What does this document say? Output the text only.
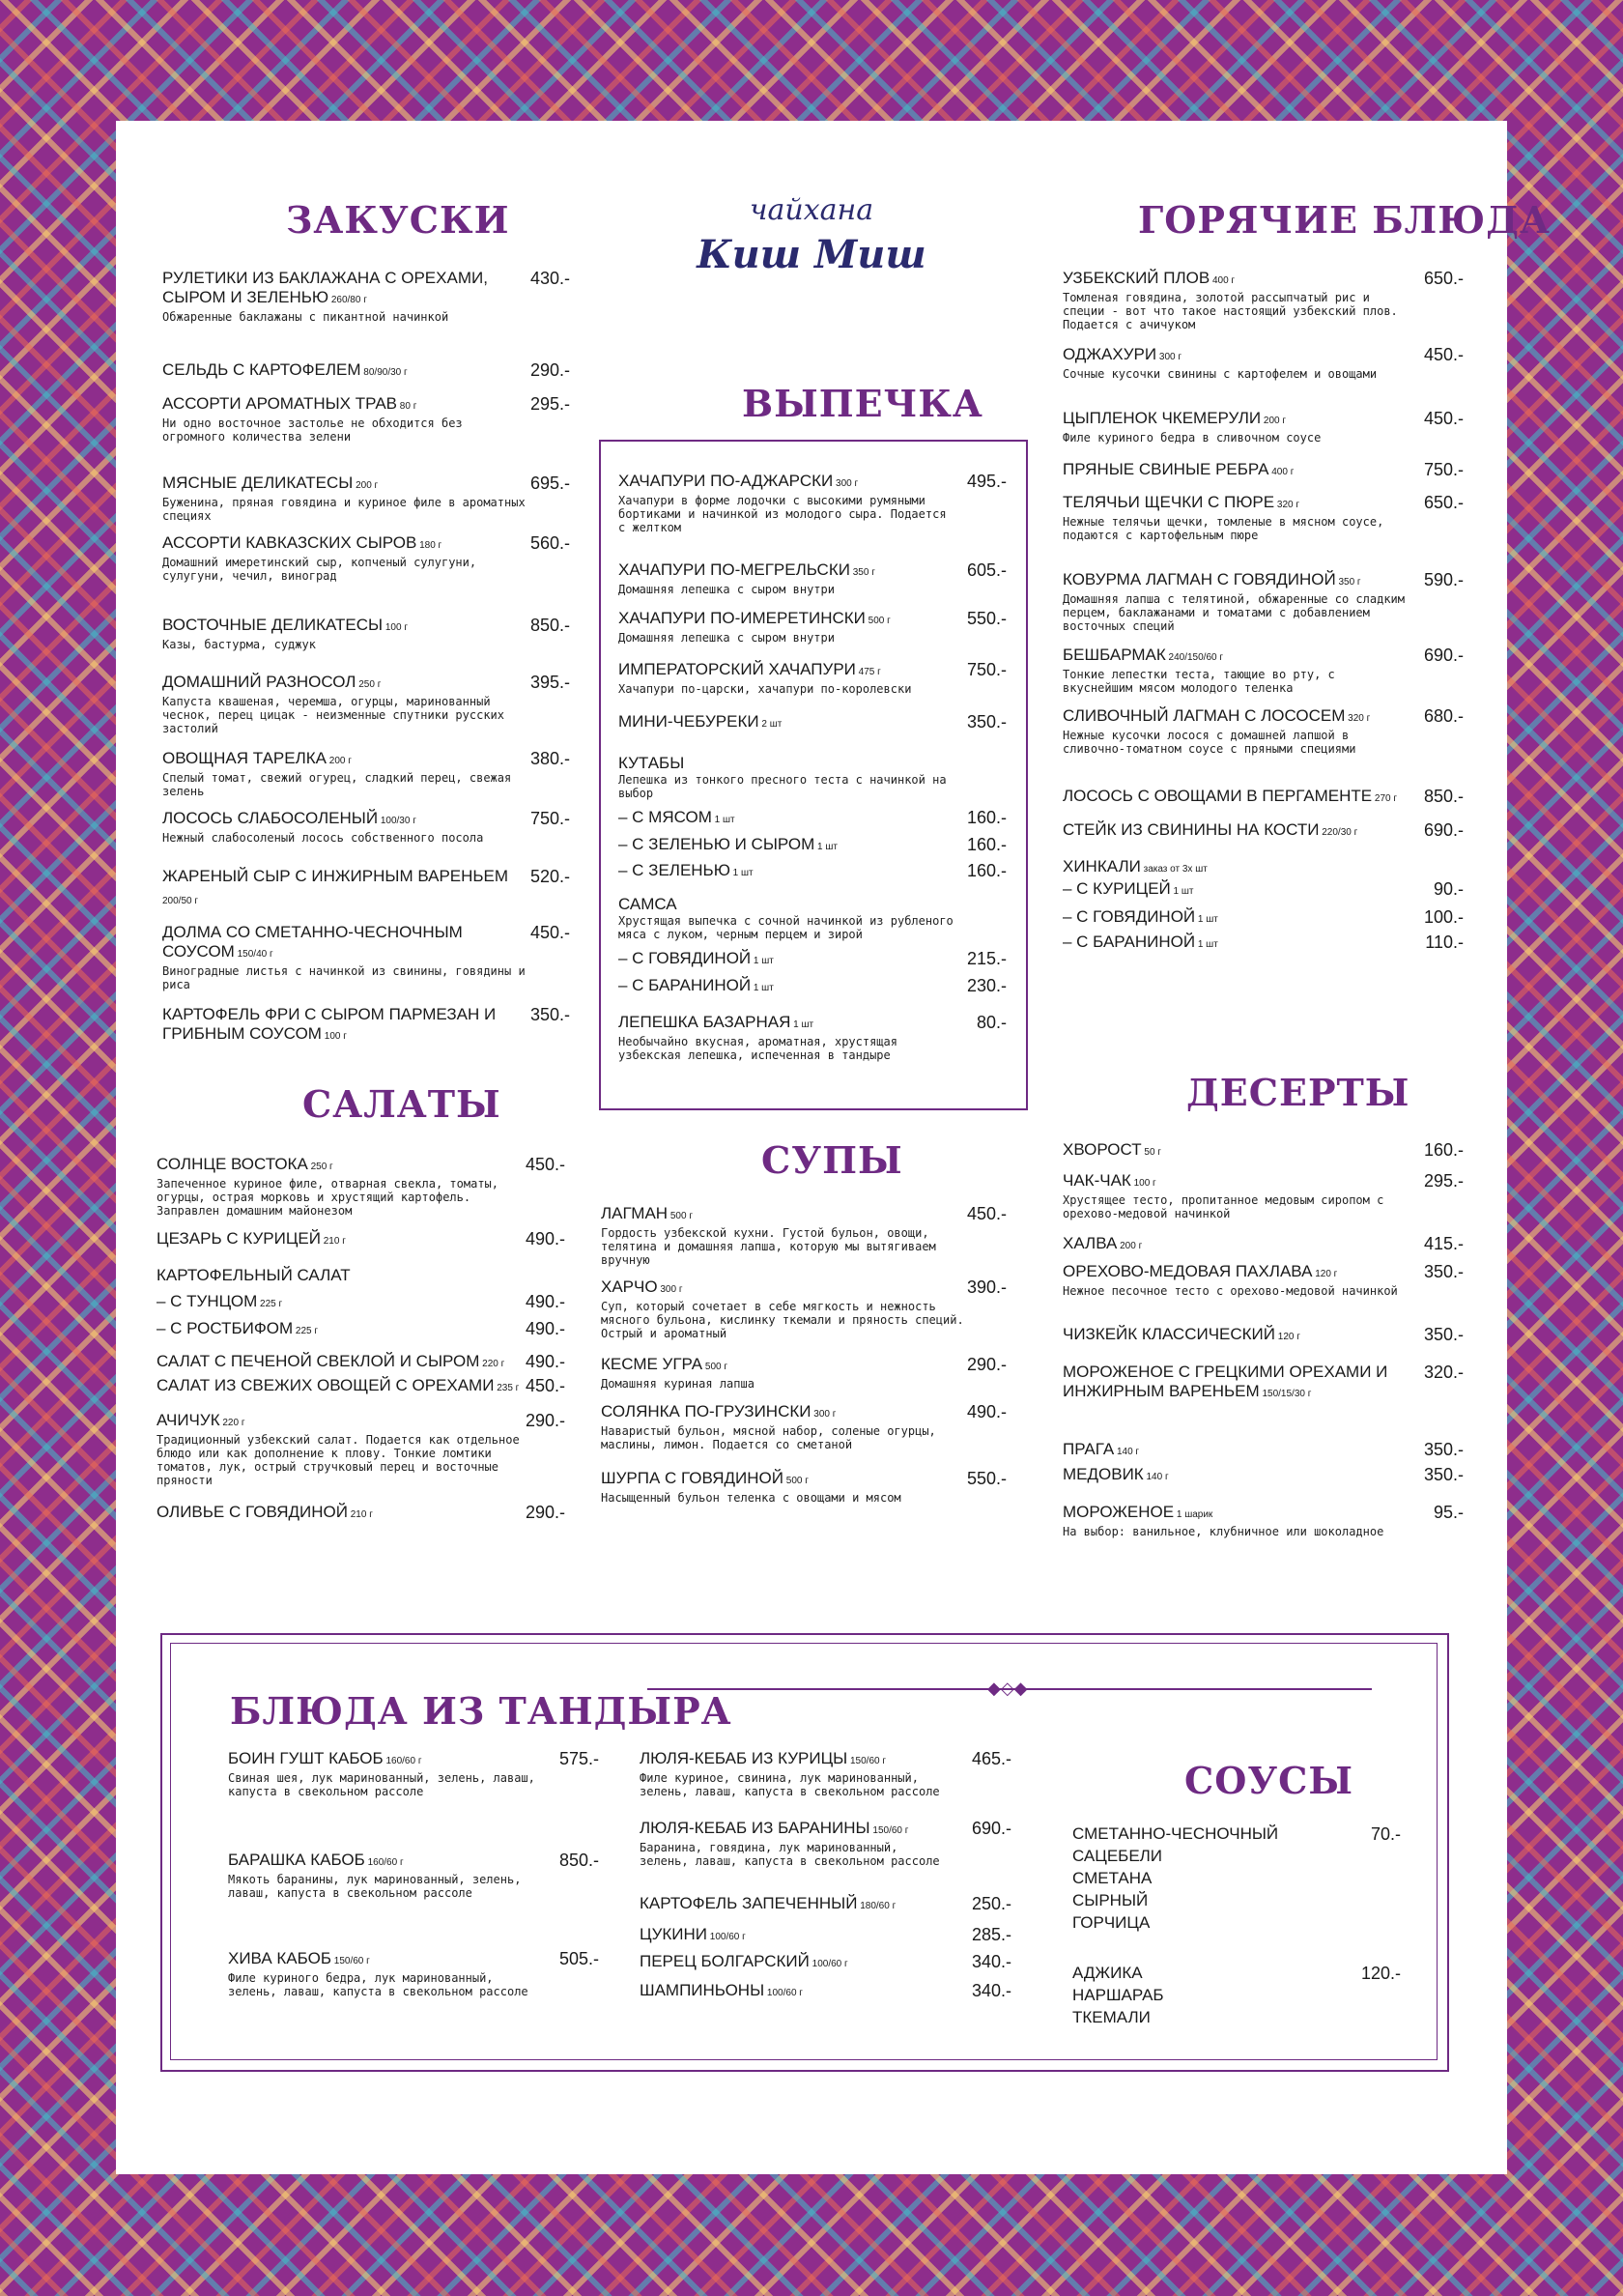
чайхана
Киш Миш
◆◇◆
ЗАКУСКИ	ГОРЯЧИЕ БЛЮДА
ВЫПЕЧКА
САЛАТЫ
СУПЫ
ДЕСЕРТЫ
БЛЮДА ИЗ ТАНДЫРА
СОУСЫ
РУЛЕТИКИ ИЗ БАКЛАЖАНА С ОРЕХАМИ, СЫРОМ И ЗЕЛЕНЬЮ 260/80 г
Обжаренные баклажаны с пикантной начинкой
430.-
СЕЛЬДЬ С КАРТОФЕЛЕМ 80/90/30 г	290.-
АССОРТИ АРОМАТНЫХ ТРАВ 80 г
Ни одно восточное застолье не обходится без огромного количества зелени
295.-
МЯСНЫЕ ДЕЛИКАТЕСЫ 200 г
Буженина, пряная говядина и куриное филе в ароматных специях
695.-
АССОРТИ КАВКАЗСКИХ СЫРОВ 180 г
Домашний имеретинский сыр, копченый сулугуни, сулугуни, чечил, виноград
560.-
ВОСТОЧНЫЕ ДЕЛИКАТЕСЫ 100 г
Казы, бастурма, суджук
850.-
ДОМАШНИЙ РАЗНОСОЛ 250 г
Капуста квашеная, черемша, огурцы, маринованный чеснок, перец цицак - неизменные спутники русских застолий
395.-
ОВОЩНАЯ ТАРЕЛКА 200 г
Спелый томат, свежий огурец, сладкий перец, свежая зелень
380.-
ЛОСОСЬ СЛАБОСОЛЕНЫЙ 100/30 г
Нежный слабосоленый лосось собственного посола
750.-
ЖАРЕНЫЙ СЫР С ИНЖИРНЫМ ВАРЕНЬЕМ 200/50 г
520.-
ДОЛМА СО СМЕТАННО-ЧЕСНОЧНЫМ СОУСОМ 150/40 г
Виноградные листья с начинкой из свинины, говядины и риса
450.-
КАРТОФЕЛЬ ФРИ С СЫРОМ ПАРМЕЗАН И ГРИБНЫМ СОУСОМ 100 г
350.-
СОЛНЦЕ ВОСТОКА 250 г
Запеченное куриное филе, отварная свекла, томаты, огурцы, острая морковь и хрустящий картофель. Заправлен домашним майонезом
450.-
ЦЕЗАРЬ С КУРИЦЕЙ 210 г	490.-
КАРТОФЕЛЬНЫЙ САЛАТ
– С ТУНЦОМ 225 г	490.-
– С РОСТБИФОМ 225 г	490.-
САЛАТ С ПЕЧЕНОЙ СВЕКЛОЙ И СЫРОМ 220 г	490.-
САЛАТ ИЗ СВЕЖИХ ОВОЩЕЙ С ОРЕХАМИ 235 г 450.-
АЧИЧУК 220 г
Традиционный узбекский салат. Подается как отдельное блюдо или как дополнение к плову. Тонкие ломтики томатов, лук, острый стручковый перец и восточные пряности
290.-
ОЛИВЬЕ С ГОВЯДИНОЙ 210 г	290.-
ХАЧАПУРИ ПО-АДЖАРСКИ 300 г
Хачапури в форме лодочки с высокими румяными бортиками и начинкой из молодого сыра. Подается с желтком
495.-
ХАЧАПУРИ ПО-МЕГРЕЛЬСКИ 350 г
Домашняя лепешка с сыром внутри
605.-
ХАЧАПУРИ ПО-ИМЕРЕТИНСКИ 500 г
Домашняя лепешка с сыром внутри
550.-
ИМПЕРАТОРСКИЙ ХАЧАПУРИ 475 г
Хачапури по-царски, хачапури по-королевски
750.-
МИНИ-ЧЕБУРЕКИ 2 шт	350.-
КУТАБЫ
Лепешка из тонкого пресного теста с начинкой на выбор
– С МЯСОМ 1 шт	160.-
– С ЗЕЛЕНЬЮ И СЫРОМ 1 шт	160.-
– С ЗЕЛЕНЬЮ 1 шт	160.-
САМСА
Хрустящая выпечка с сочной начинкой из рубленого мяса с луком, черным перцем и зирой
– С ГОВЯДИНОЙ 1 шт	215.-
– С БАРАНИНОЙ 1 шт	230.-
ЛЕПЕШКА БАЗАРНАЯ 1 шт
Необычайно вкусная, ароматная, хрустящая узбекская лепешка, испеченная в тандыре
80.-
ЛАГМАН 500 г
Гордость узбекской кухни. Густой бульон, овощи, телятина и домашняя лапша, которую мы вытягиваем вручную
450.-
ХАРЧО 300 г
Суп, который сочетает в себе мягкость и нежность мясного бульона, кислинку ткемали и пряность специй. Острый и ароматный
390.-
КЕСМЕ УГРА 500 г
Домашняя куриная лапша
290.-
СОЛЯНКА ПО-ГРУЗИНСКИ 300 г
Наваристый бульон, мясной набор, соленые огурцы, маслины, лимон. Подается со сметаной
490.-
ШУРПА С ГОВЯДИНОЙ 500 г
Насыщенный бульон теленка с овощами и мясом
550.-
УЗБЕКСКИЙ ПЛОВ 400 г
Томленая говядина, золотой рассыпчатый рис и специи - вот что такое настоящий узбекский плов. Подается с ачичуком
650.-
ОДЖАХУРИ 300 г
Сочные кусочки свинины с картофелем и овощами
450.-
ЦЫПЛЕНОК ЧКЕМЕРУЛИ 200 г
Филе куриного бедра в сливочном соусе
450.-
ПРЯНЫЕ СВИНЫЕ РЕБРА 400 г	750.-
ТЕЛЯЧЬИ ЩЕЧКИ С ПЮРЕ 320 г
Нежные телячьи щечки, томленые в мясном соусе, подаются с картофельным пюре
650.-
КОВУРМА ЛАГМАН С ГОВЯДИНОЙ 350 г
Домашняя лапша с телятиной, обжаренные со сладким перцем, баклажанами и томатами с добавлением восточных специй
590.-
БЕШБАРМАК 240/150/60 г
Тонкие лепестки теста, тающие во рту, с вкуснейшим мясом молодого теленка
690.-
СЛИВОЧНЫЙ ЛАГМАН С ЛОСОСЕМ 320 г
Нежные кусочки лосося с домашней лапшой в сливочно-томатном соусе с пряными специями
680.-
ЛОСОСЬ С ОВОЩАМИ В ПЕРГАМЕНТЕ 270 г	850.-
СТЕЙК ИЗ СВИНИНЫ НА КОСТИ 220/30 г	690.-
ХИНКАЛИ заказ от 3х шт
– С КУРИЦЕЙ 1 шт	90.-
– С ГОВЯДИНОЙ 1 шт	100.-
– С БАРАНИНОЙ 1 шт	110.-
ХВОРОСТ 50 г	160.-
ЧАК-ЧАК 100 г
Хрустящее тесто, пропитанное медовым сиропом с орехово-медовой начинкой
295.-
ХАЛВА 200 г	415.-
ОРЕХОВО-МЕДОВАЯ ПАХЛАВА 120 г
Нежное песочное тесто с орехово-медовой начинкой
350.-
ЧИЗКЕЙК КЛАССИЧЕСКИЙ 120 г	350.-
МОРОЖЕНОЕ С ГРЕЦКИМИ ОРЕХАМИ И ИНЖИРНЫМ ВАРЕНЬЕМ 150/15/30 г
320.-
ПРАГА 140 г	350.-
МЕДОВИК 140 г	350.-
МОРОЖЕНОЕ 1 шарик
На выбор: ванильное, клубничное или шоколадное
95.-
БОИН ГУШТ КАБОБ 160/60 г
Свиная шея, лук маринованный, зелень, лаваш, капуста в свекольном рассоле
575.-
БАРАШКА КАБОБ 160/60 г
Мякоть баранины, лук маринованный, зелень, лаваш, капуста в свекольном рассоле
850.-
ХИВА КАБОБ 150/60 г
Филе куриного бедра, лук маринованный, зелень, лаваш, капуста в свекольном рассоле
505.-
ЛЮЛЯ-КЕБАБ ИЗ КУРИЦЫ 150/60 г
Филе куриное, свинина, лук маринованный, зелень, лаваш, капуста в свекольном рассоле
465.-
ЛЮЛЯ-КЕБАБ ИЗ БАРАНИНЫ 150/60 г
Баранина, говядина, лук маринованный, зелень, лаваш, капуста в свекольном рассоле
690.-
КАРТОФЕЛЬ ЗАПЕЧЕННЫЙ 180/60 г	250.-
ЦУКИНИ 100/60 г	285.-
ПЕРЕЦ БОЛГАРСКИЙ 100/60 г	340.-
ШАМПИНЬОНЫ 100/60 г	340.-
СМЕТАННО-ЧЕСНОЧНЫЙ
САЦЕБЕЛИ
СМЕТАНА
СЫРНЫЙ
ГОРЧИЦА
70.-
АДЖИКА
НАРШАРАБ
ТКЕМАЛИ
120.-
